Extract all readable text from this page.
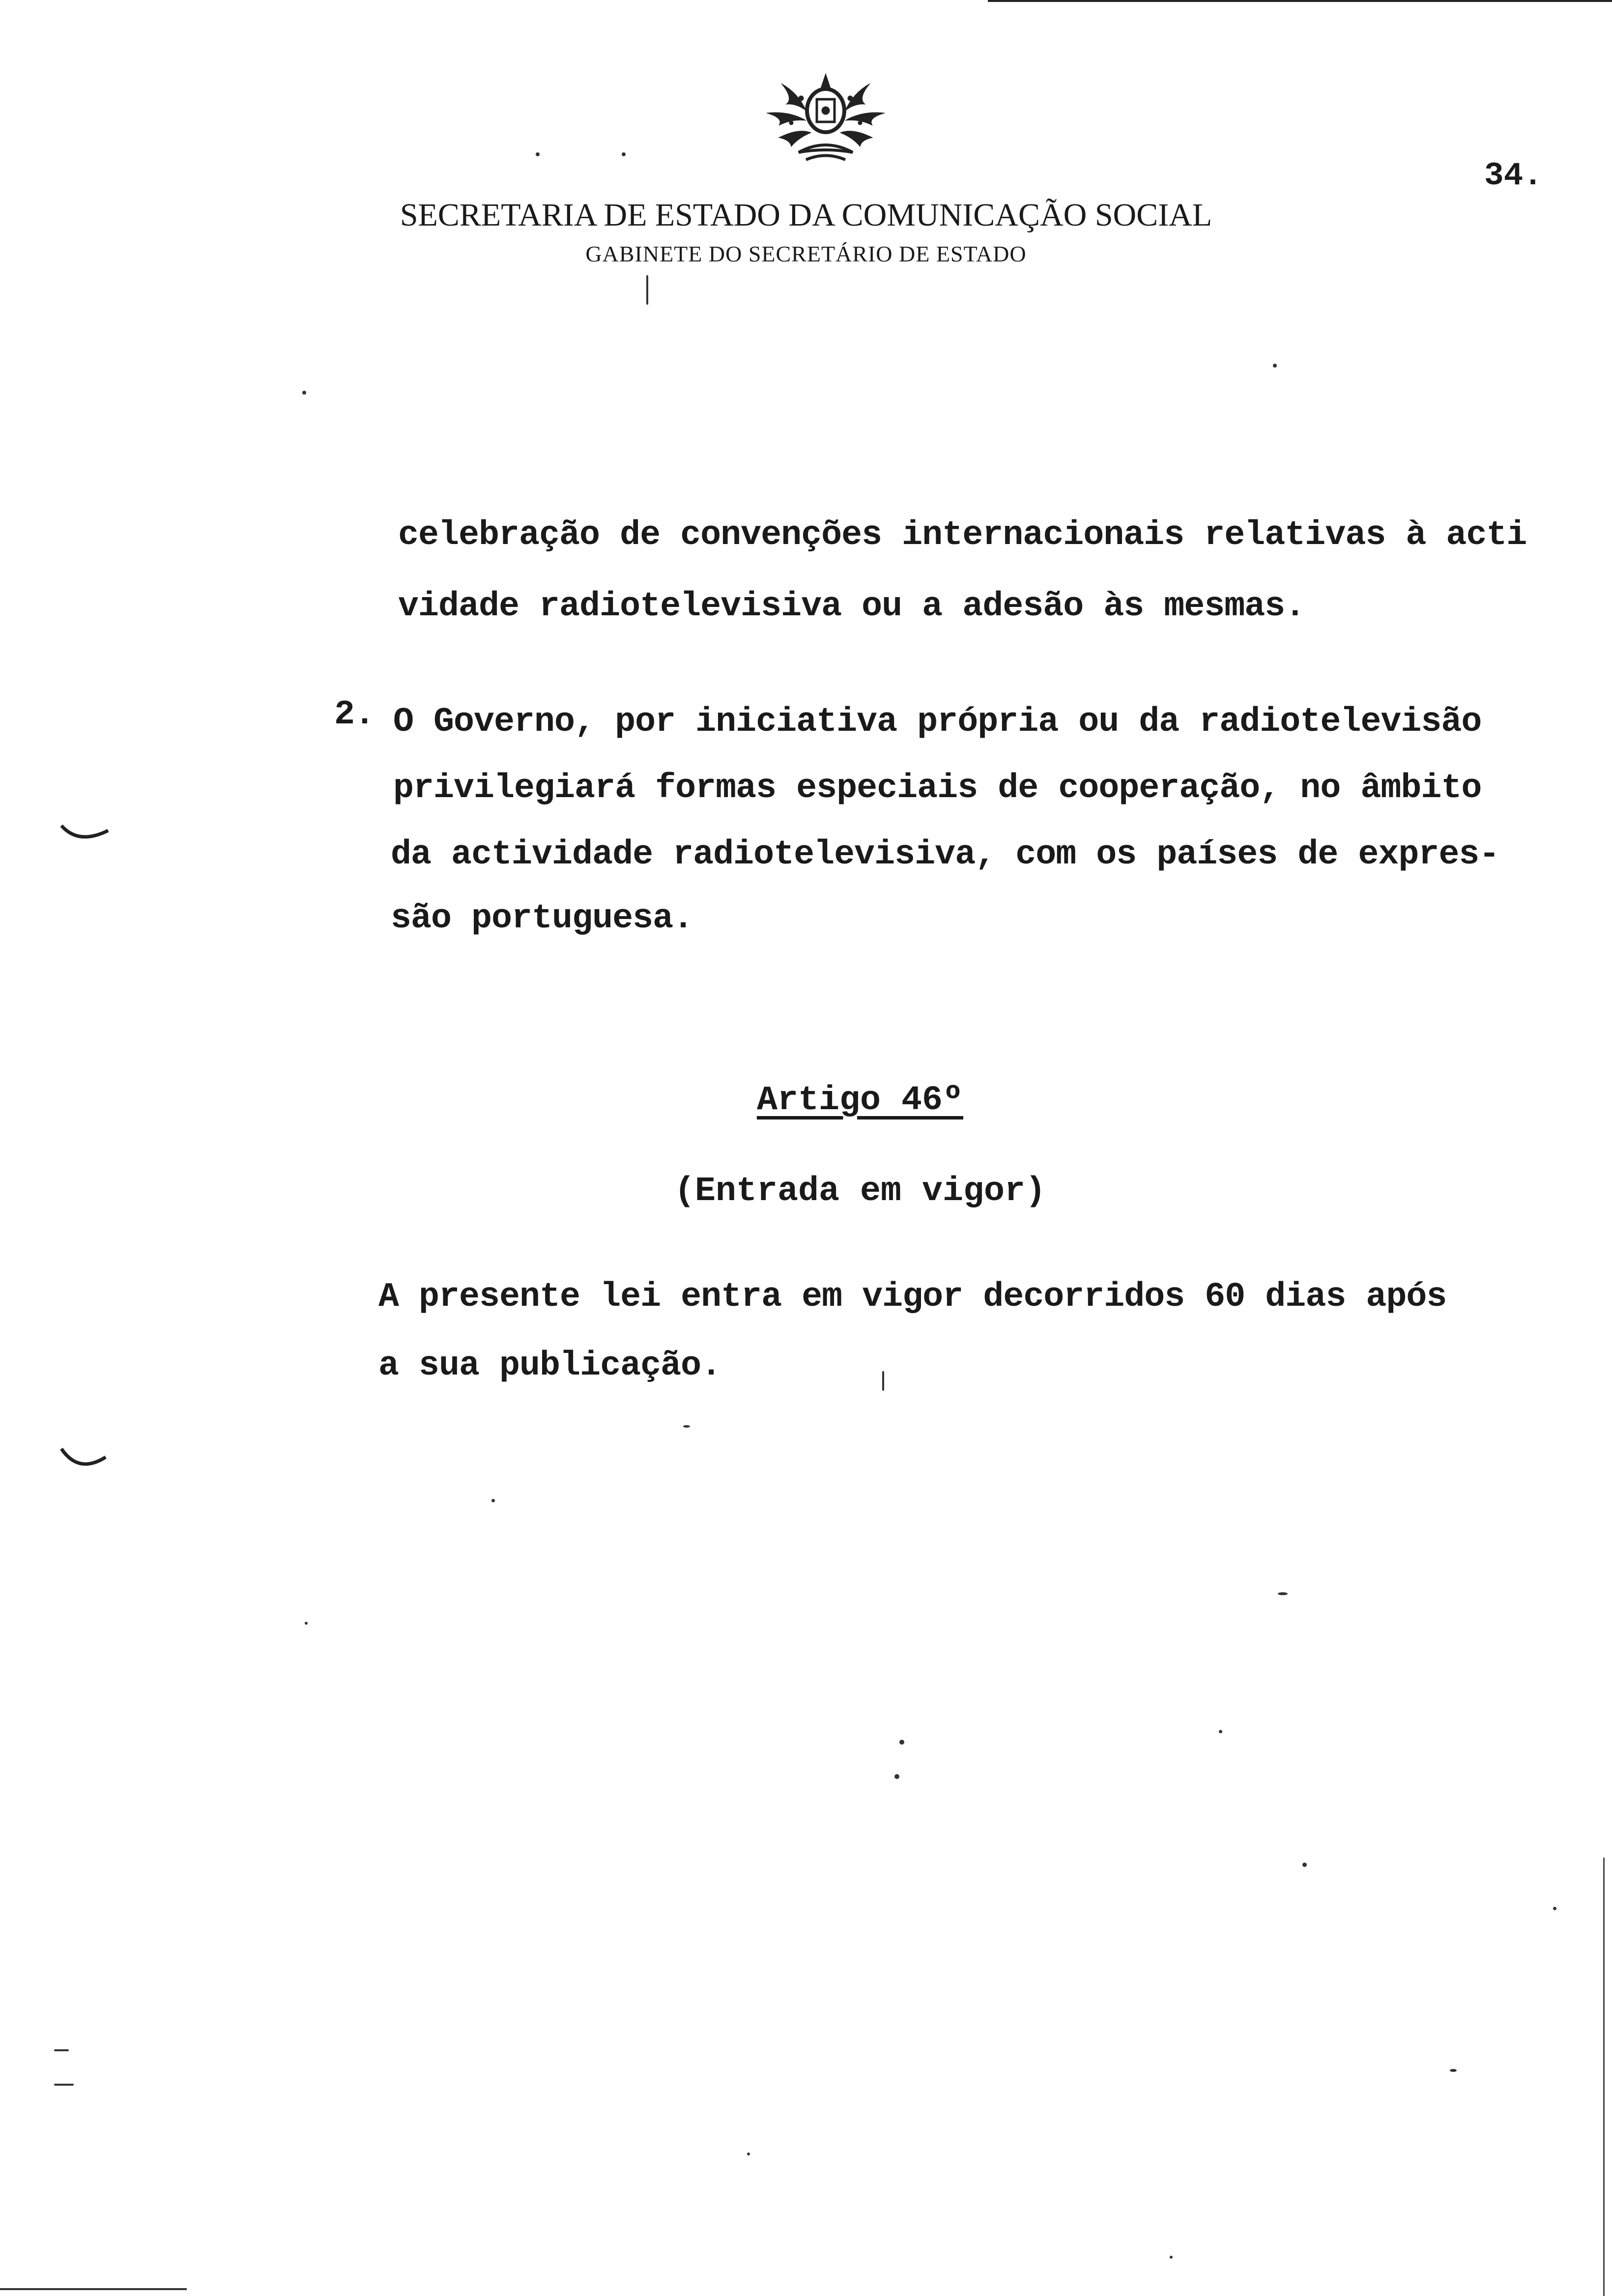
SECRETARIA DE ESTADO DA COMUNICAÇÃO SOCIAL
GABINETE DO SECRETÁRIO DE ESTADO
34.
celebração de convenções internacionais relativas à acti
vidade radiotelevisiva ou a adesão às mesmas.
2. O Governo, por iniciativa própria ou da radiotelevisão
privilegiará formas especiais de cooperação, no âmbito
da actividade radiotelevisiva, com os países de expres-
são portuguesa.
Artigo 46º
(Entrada em vigor)
A presente lei entra em vigor decorridos 60 dias após
a sua publicação.
